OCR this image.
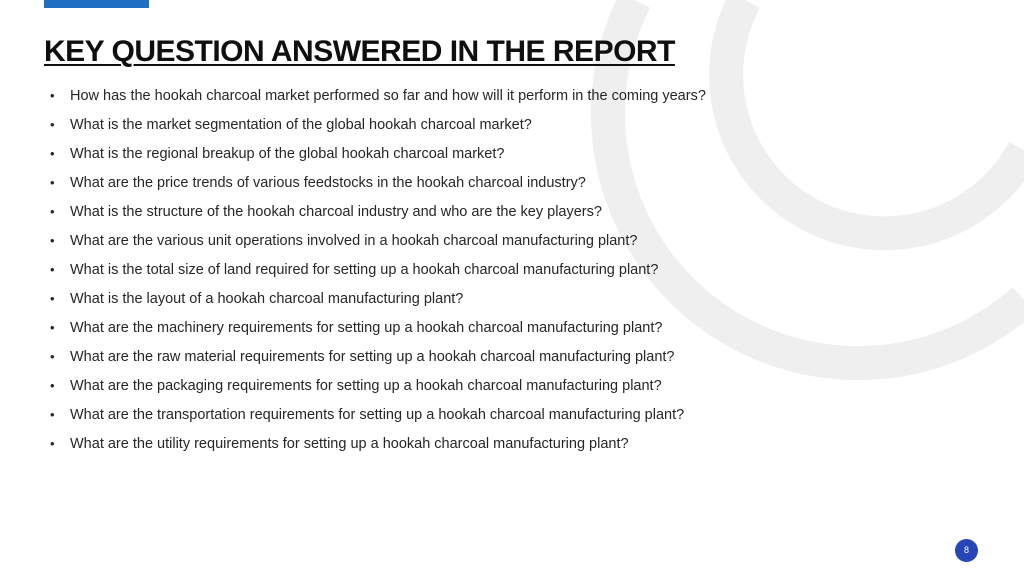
KEY QUESTION ANSWERED IN THE REPORT
•	How has the hookah charcoal market performed so far and how will it perform in the coming years?
•	What is the market segmentation of the global hookah charcoal market?
•	What is the regional breakup of the global hookah charcoal market?
•	What are the price trends of various feedstocks in the hookah charcoal industry?
•	What is the structure of the hookah charcoal industry and who are the key players?
•	What are the various unit operations involved in a hookah charcoal manufacturing plant?
•	What is the total size of land required for setting up a hookah charcoal manufacturing plant?
•	What is the layout of a hookah charcoal manufacturing plant?
•	What are the machinery requirements for setting up a hookah charcoal manufacturing plant?
•	What are the raw material requirements for setting up a hookah charcoal manufacturing plant?
•	What are the packaging requirements for setting up a hookah charcoal manufacturing plant?
•	What are the transportation requirements for setting up a hookah charcoal manufacturing plant?
•	What are the utility requirements for setting up a hookah charcoal manufacturing plant?
8
